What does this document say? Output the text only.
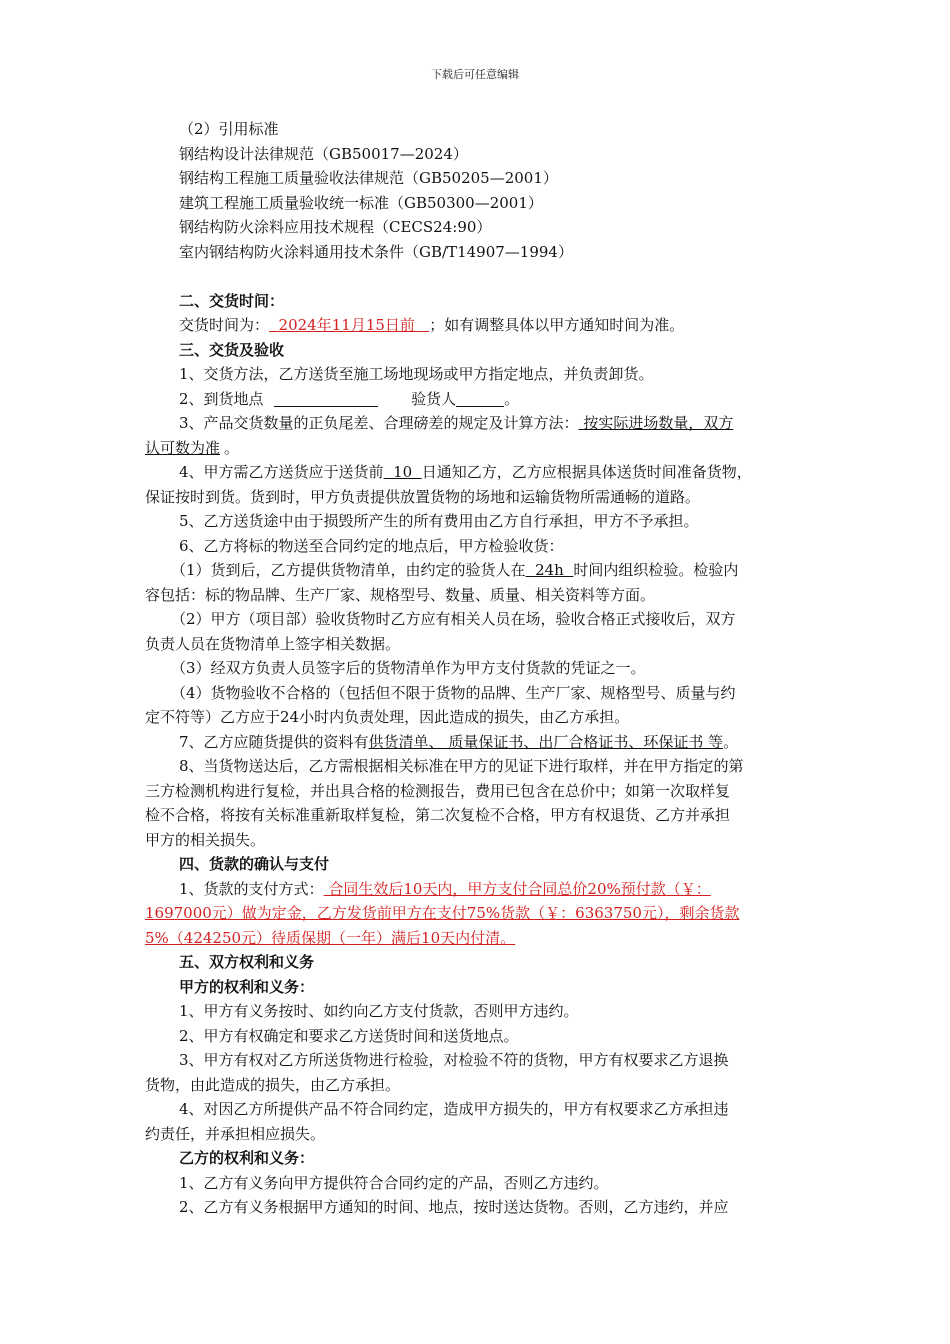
下载后可任意编辑
（2）引用标准
钢结构设计法律规范（GB50017—2024）
钢结构工程施工质量验收法律规范（GB50205—2001）
建筑工程施工质量验收统一标准（GB50300—2001）
钢结构防火涂料应用技术规程（CECS24:90）
室内钢结构防火涂料通用技术条件（GB/T14907—1994）
二、交货时间：
交货时间为：  2024年11月15日前   ；如有调整具体以甲方通知时间为准。
三、交货及验收
1、交货方法，乙方送货至施工场地现场或甲方指定地点，并负责卸货。
2、到货地点	验货人	。
3、产品交货数量的正负尾差、合理磅差的规定及计算方法： 按实际进场数量，双方
认可数为准 。
4、甲方需乙方送货应于送货前  10  日通知乙方，乙方应根据具体送货时间准备货物，
保证按时到货。货到时，甲方负责提供放置货物的场地和运输货物所需通畅的道路。
5、乙方送货途中由于损毁所产生的所有费用由乙方自行承担，甲方不予承担。
6、乙方将标的物送至合同约定的地点后，甲方检验收货：
（1）货到后，乙方提供货物清单，由约定的验货人在  24h  时间内组织检验。检验内
容包括：标的物品牌、生产厂家、规格型号、数量、质量、相关资料等方面。
（2）甲方（项目部）验收货物时乙方应有相关人员在场，验收合格正式接收后，双方
负责人员在货物清单上签字相关数据。
（3）经双方负责人员签字后的货物清单作为甲方支付货款的凭证之一。
（4）货物验收不合格的（包括但不限于货物的品牌、生产厂家、规格型号、质量与约
定不符等）乙方应于24小时内负责处理，因此造成的损失，由乙方承担。
7、乙方应随货提供的资料有供货清单、 质量保证书、出厂合格证书、环保证书 等。
8、当货物送达后，乙方需根据相关标准在甲方的见证下进行取样，并在甲方指定的第
三方检测机构进行复检，并出具合格的检测报告，费用已包含在总价中；如第一次取样复
检不合格，将按有关标准重新取样复检，第二次复检不合格，甲方有权退货、乙方并承担
甲方的相关损失。
四、货款的确认与支付
1、货款的支付方式： 合同生效后10天内，甲方支付合同总价20%预付款（￥：
1697000元）做为定金，乙方发货前甲方在支付75%货款（￥：6363750元），剩余货款
5%（424250元）待质保期（一年）满后10天内付清。
五、双方权利和义务
甲方的权利和义务：
1、甲方有义务按时、如约向乙方支付货款，否则甲方违约。
2、甲方有权确定和要求乙方送货时间和送货地点。
3、甲方有权对乙方所送货物进行检验，对检验不符的货物，甲方有权要求乙方退换
货物，由此造成的损失，由乙方承担。
4、对因乙方所提供产品不符合同约定，造成甲方损失的，甲方有权要求乙方承担违
约责任，并承担相应损失。
乙方的权利和义务：
1、乙方有义务向甲方提供符合合同约定的产品，否则乙方违约。
2、乙方有义务根据甲方通知的时间、地点，按时送达货物。否则，乙方违约，并应
